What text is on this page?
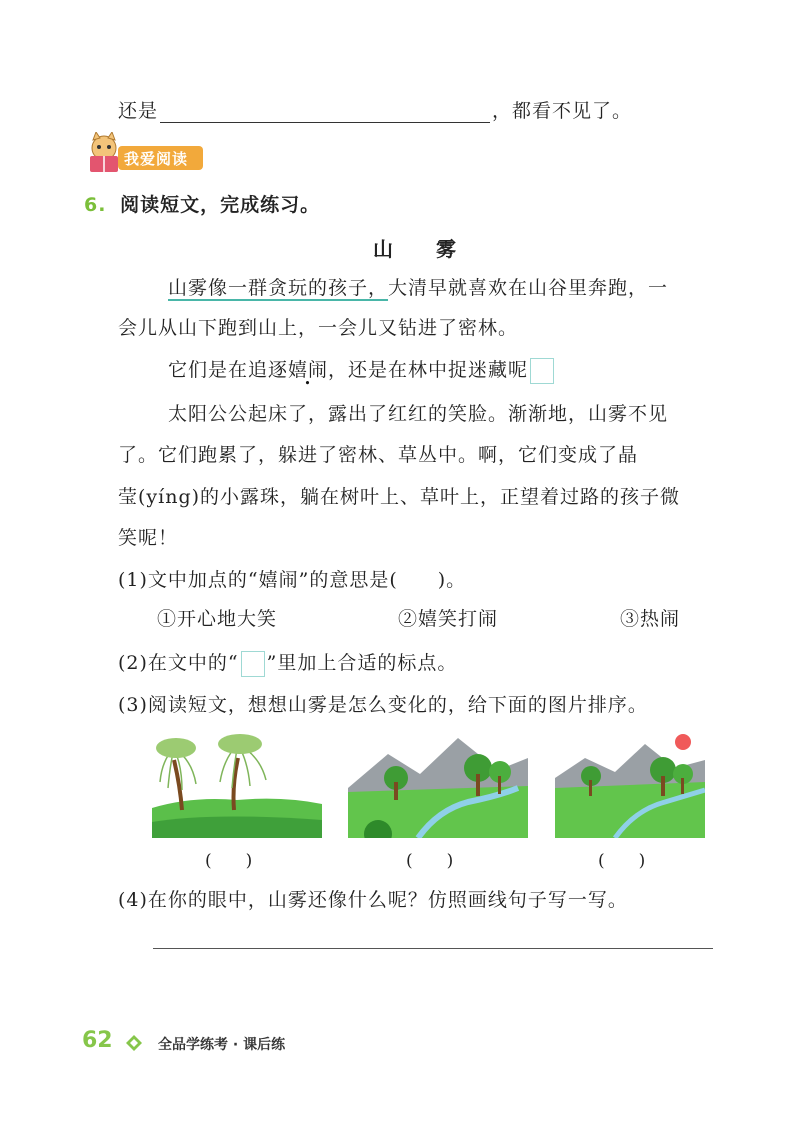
还是	，都看不见了。
我爱阅读
6. 阅读短文，完成练习。
山　　雾
山雾像一群贪玩的孩子，大清早就喜欢在山谷里奔跑，一
会儿从山下跑到山上，一会儿又钻进了密林。
它们是在追逐嬉闹，还是在林中捉迷藏呢
太阳公公起床了，露出了红红的笑脸。渐渐地，山雾不见
了。它们跑累了，躲进了密林、草丛中。啊，它们变成了晶
莹(yíng)的小露珠，躺在树叶上、草叶上，正望着过路的孩子微
笑呢！
(1)文中加点的“嬉闹”的意思是(　　)。
①开心地大笑	②嬉笑打闹	③热闹
(2)在文中的“ ”里加上合适的标点。
(3)阅读短文，想想山雾是怎么变化的，给下面的图片排序。
(　　)	(　　)	(　　)
(4)在你的眼中，山雾还像什么呢？仿照画线句子写一写。
62	全品学练考 · 课后练
